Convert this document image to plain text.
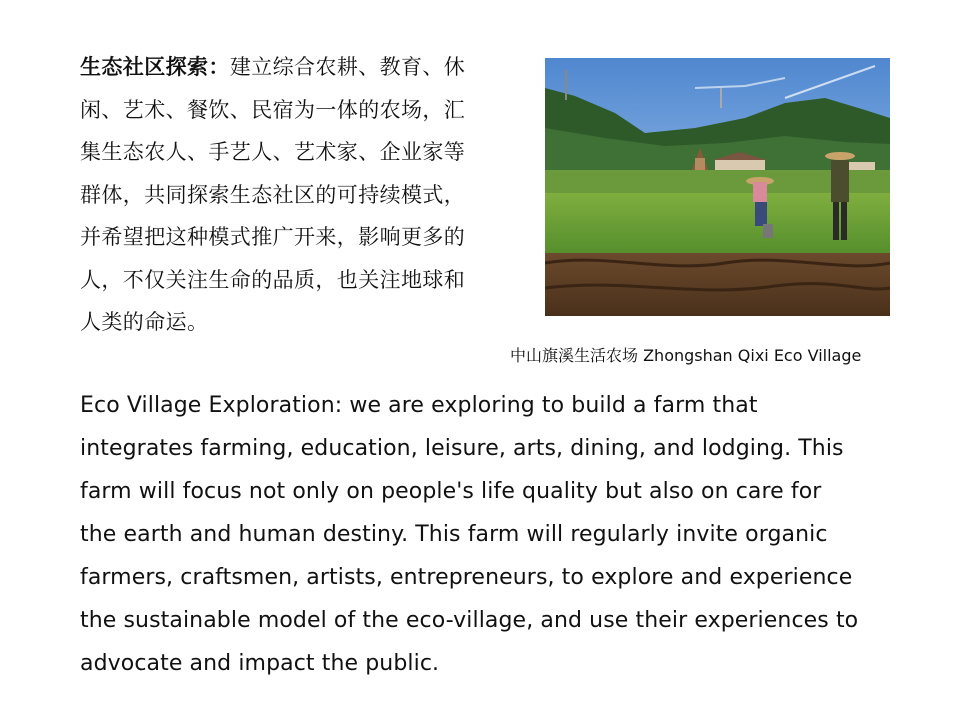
生态社区探索：建立综合农耕、教育、休
闲、艺术、餐饮、民宿为一体的农场，汇
集生态农人、手艺人、艺术家、企业家等
群体，共同探索生态社区的可持续模式，
并希望把这种模式推广开来，影响更多的
人，不仅关注生命的品质，也关注地球和
人类的命运。
中山旗溪生活农场 Zhongshan Qixi Eco Village
Eco Village Exploration: we are exploring to build a farm that
integrates farming, education, leisure, arts, dining, and lodging. This
farm will focus not only on people's life quality but also on care for
the earth and human destiny. This farm will regularly invite organic
farmers, craftsmen, artists, entrepreneurs, to explore and experience
the sustainable model of the eco-village, and use their experiences to
advocate and impact the public.
